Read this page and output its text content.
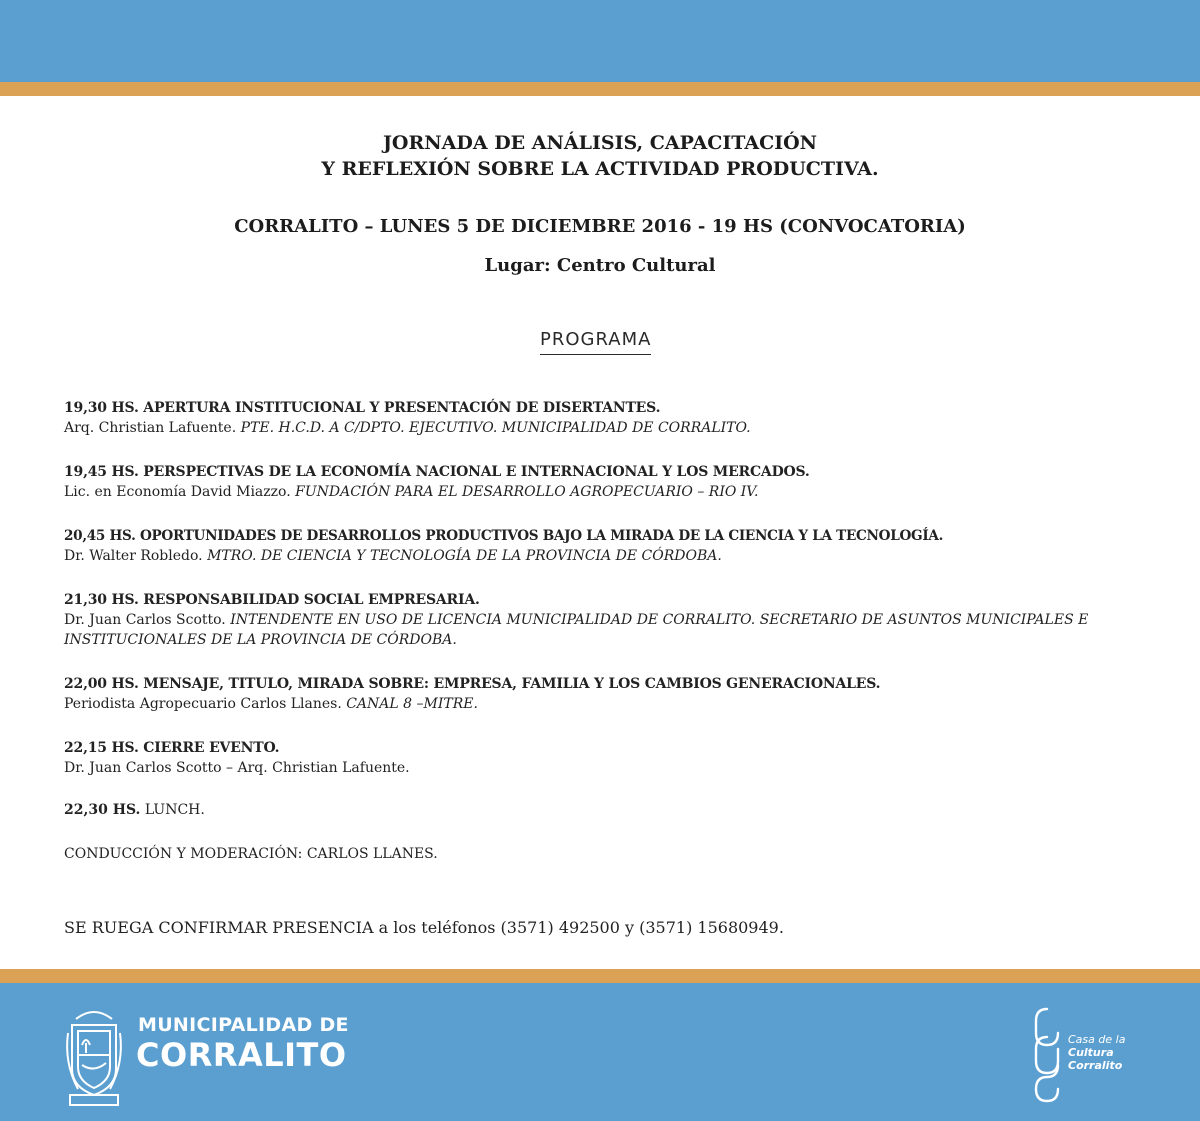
JORNADA DE ANÁLISIS, CAPACITACIÓN
Y REFLEXIÓN SOBRE LA ACTIVIDAD PRODUCTIVA.
CORRALITO – LUNES 5 DE DICIEMBRE 2016 - 19 HS (CONVOCATORIA)
Lugar: Centro Cultural
PROGRAMA
19,30 HS. APERTURA INSTITUCIONAL Y PRESENTACIÓN DE DISERTANTES.
Arq. Christian Lafuente. PTE. H.C.D. A C/DPTO. EJECUTIVO. MUNICIPALIDAD DE CORRALITO.
19,45 HS. PERSPECTIVAS DE LA ECONOMÍA NACIONAL E INTERNACIONAL Y LOS MERCADOS.
Lic. en Economía David Miazzo. FUNDACIÓN PARA EL DESARROLLO AGROPECUARIO – RIO IV.
20,45 HS. OPORTUNIDADES DE DESARROLLOS PRODUCTIVOS BAJO LA MIRADA DE LA CIENCIA Y LA TECNOLOGÍA.
Dr. Walter Robledo. MTRO. DE CIENCIA Y TECNOLOGÍA DE LA PROVINCIA DE CÓRDOBA.
21,30 HS. RESPONSABILIDAD SOCIAL EMPRESARIA.
Dr. Juan Carlos Scotto. INTENDENTE EN USO DE LICENCIA MUNICIPALIDAD DE CORRALITO. SECRETARIO DE ASUNTOS MUNICIPALES E INSTITUCIONALES DE LA PROVINCIA DE CÓRDOBA.
22,00 HS. MENSAJE, TITULO, MIRADA SOBRE: EMPRESA, FAMILIA Y LOS CAMBIOS GENERACIONALES.
Periodista Agropecuario Carlos Llanes. CANAL 8 –MITRE.
22,15 HS. CIERRE EVENTO.
Dr. Juan Carlos Scotto – Arq. Christian Lafuente.
22,30 HS. LUNCH.
CONDUCCIÓN Y MODERACIÓN: CARLOS LLANES.
SE RUEGA CONFIRMAR PRESENCIA a los teléfonos (3571) 492500 y (3571) 15680949.
MUNICIPALIDAD DE
CORRALITO	Casa de la
Cultura
Corralito
